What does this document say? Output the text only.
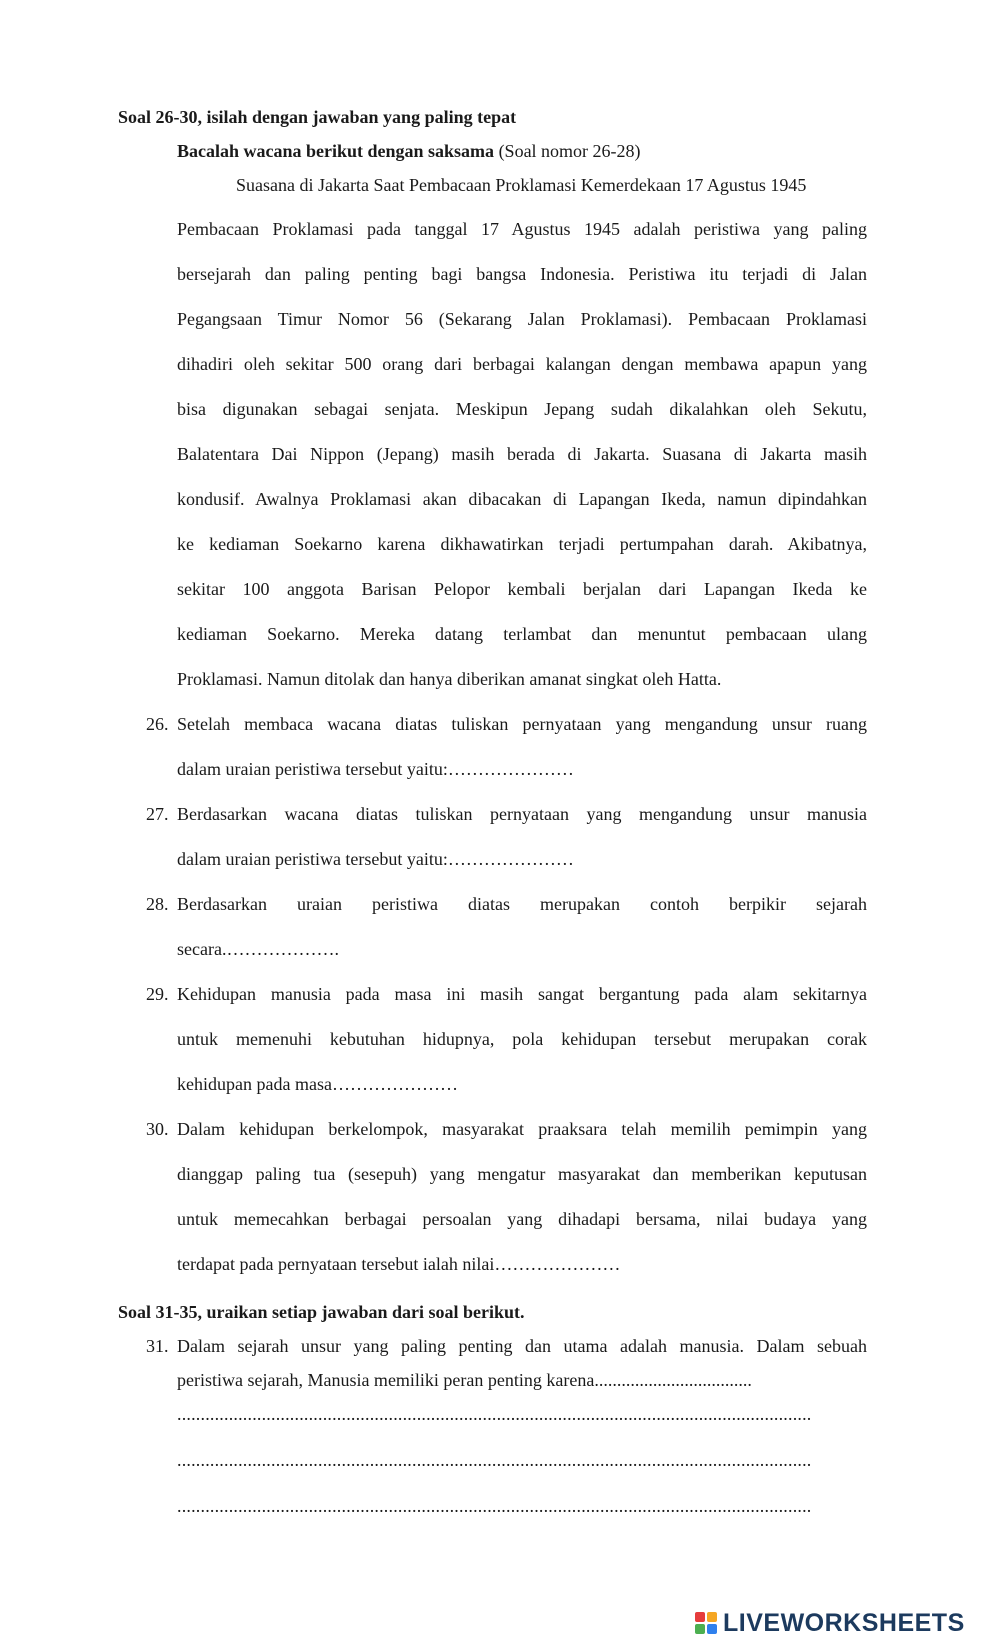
Soal 26-30, isilah dengan jawaban yang paling tepat
Bacalah wacana berikut dengan saksama (Soal nomor 26-28)
Suasana di Jakarta Saat Pembacaan Proklamasi Kemerdekaan 17 Agustus 1945
Pembacaan Proklamasi pada tanggal 17 Agustus 1945 adalah peristiwa yang paling
bersejarah dan paling penting bagi bangsa Indonesia. Peristiwa itu terjadi di Jalan
Pegangsaan Timur Nomor 56 (Sekarang Jalan Proklamasi). Pembacaan Proklamasi
dihadiri oleh sekitar 500 orang dari berbagai kalangan dengan membawa apapun yang
bisa digunakan sebagai senjata. Meskipun Jepang sudah dikalahkan oleh Sekutu,
Balatentara Dai Nippon (Jepang) masih berada di Jakarta. Suasana di Jakarta masih
kondusif. Awalnya Proklamasi akan dibacakan di Lapangan Ikeda, namun dipindahkan
ke kediaman Soekarno karena dikhawatirkan terjadi pertumpahan darah. Akibatnya,
sekitar 100 anggota Barisan Pelopor kembali berjalan dari Lapangan Ikeda ke
kediaman Soekarno. Mereka datang terlambat dan menuntut pembacaan ulang
Proklamasi. Namun ditolak dan hanya diberikan amanat singkat oleh Hatta.
26. Setelah membaca wacana diatas tuliskan pernyataan yang mengandung unsur ruang
dalam uraian peristiwa tersebut yaitu:…………………
27. Berdasarkan wacana diatas tuliskan pernyataan yang mengandung unsur manusia
dalam uraian peristiwa tersebut yaitu:…………………
28. Berdasarkan uraian peristiwa diatas merupakan contoh berpikir sejarah
secara.……………….
29. Kehidupan manusia pada masa ini masih sangat bergantung pada alam sekitarnya
untuk memenuhi kebutuhan hidupnya, pola kehidupan tersebut merupakan corak
kehidupan pada masa…………………
30. Dalam kehidupan berkelompok, masyarakat praaksara telah memilih pemimpin yang
dianggap paling tua (sesepuh) yang mengatur masyarakat dan memberikan keputusan
untuk memecahkan berbagai persoalan yang dihadapi bersama, nilai budaya yang
terdapat pada pernyataan tersebut ialah nilai…………………
Soal 31-35, uraikan setiap jawaban dari soal berikut.
31. Dalam sejarah unsur yang paling penting dan utama adalah manusia. Dalam sebuah
peristiwa sejarah, Manusia memiliki peran penting karena...................................
.......................................................................................................................................
.......................................................................................................................................
.......................................................................................................................................
LIVEWORKSHEETS
